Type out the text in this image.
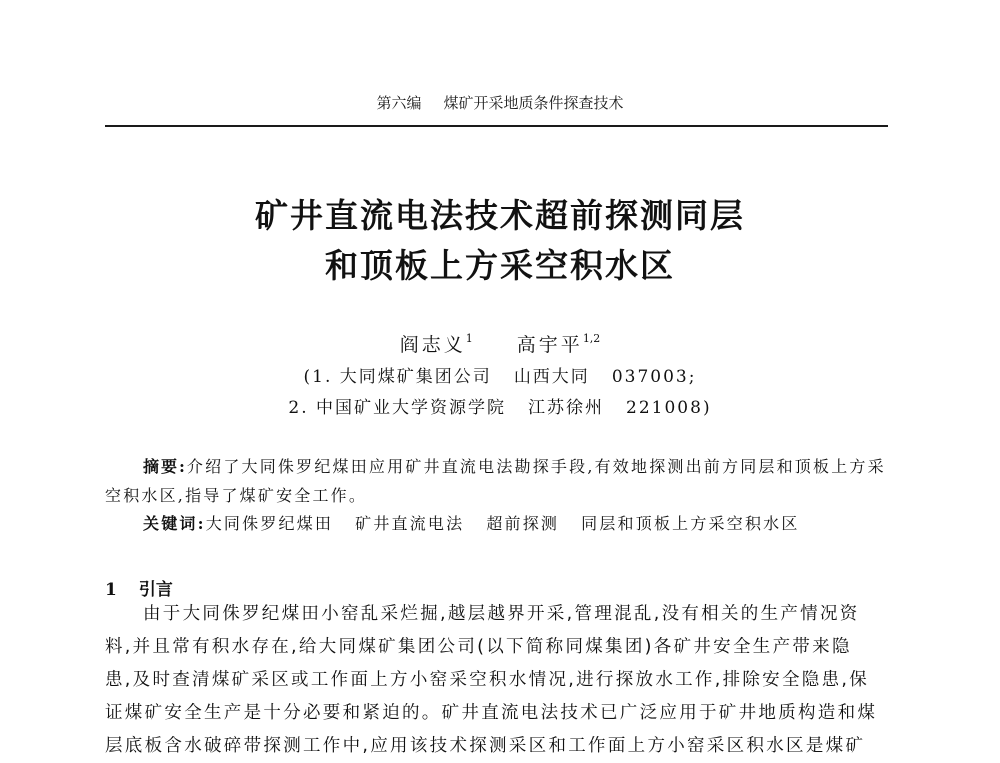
第六编 煤矿开采地质条件探查技术
矿井直流电法技术超前探测同层
和顶板上方采空积水区
阎志义$^1$ 高宇平$^{1,2}$
(1. 大同煤矿集团公司 山西大同 037003;
2. 中国矿业大学资源学院 江苏徐州 221008)
摘要:介绍了大同侏罗纪煤田应用矿井直流电法勘探手段,有效地探测出前方同层和顶板上方采空积水区,指导了煤矿安全工作。
关键词:大同侏罗纪煤田 矿井直流电法 超前探测 同层和顶板上方采空积水区
1 引言
由于大同侏罗纪煤田小窑乱采烂掘,越层越界开采,管理混乱,没有相关的生产情况资
料,并且常有积水存在,给大同煤矿集团公司(以下简称同煤集团)各矿井安全生产带来隐
患,及时查清煤矿采区或工作面上方小窑采空积水情况,进行探放水工作,排除安全隐患,保
证煤矿安全生产是十分必要和紧迫的。矿井直流电法技术已广泛应用于矿井地质构造和煤
层底板含水破碎带探测工作中,应用该技术探测采区和工作面上方小窑采区积水区是煤矿
